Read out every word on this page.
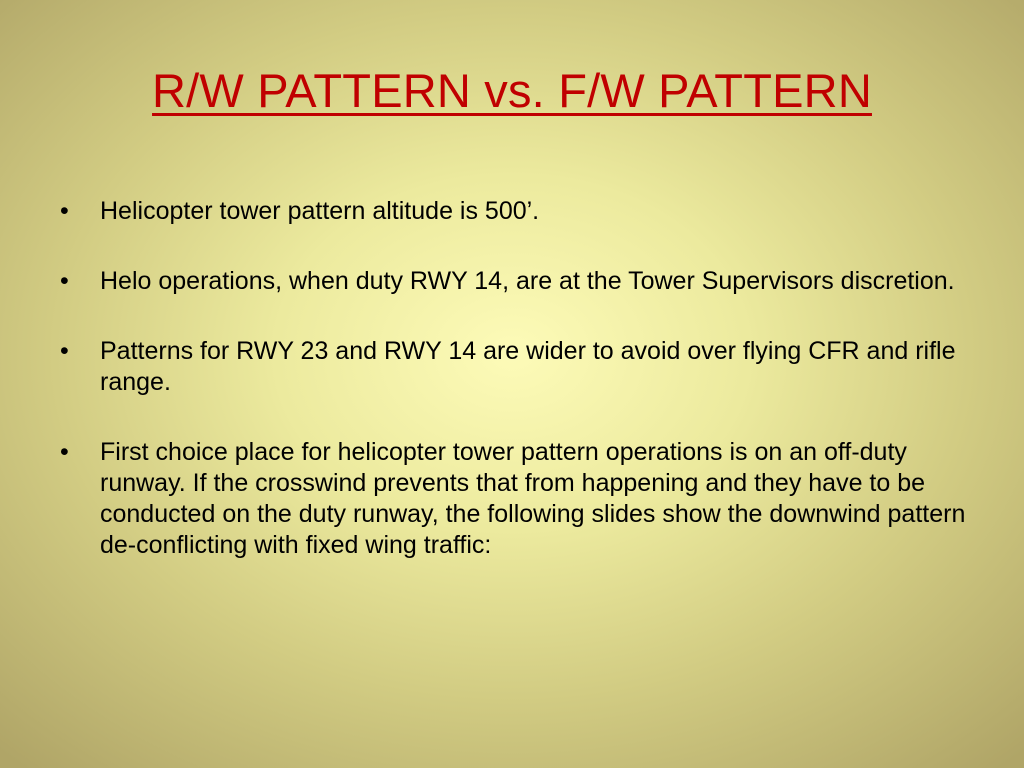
R/W PATTERN vs. F/W PATTERN
• Helicopter tower pattern altitude is 500’.
• Helo operations, when duty RWY 14, are at the Tower Supervisors discretion.
• Patterns for RWY 23 and RWY 14 are wider to avoid over flying CFR and rifle range.
• First choice place for helicopter tower pattern operations is on an off-duty runway. If the crosswind prevents that from happening and they have to be conducted on the duty runway, the following slides show the downwind pattern de-conflicting with fixed wing traffic:
